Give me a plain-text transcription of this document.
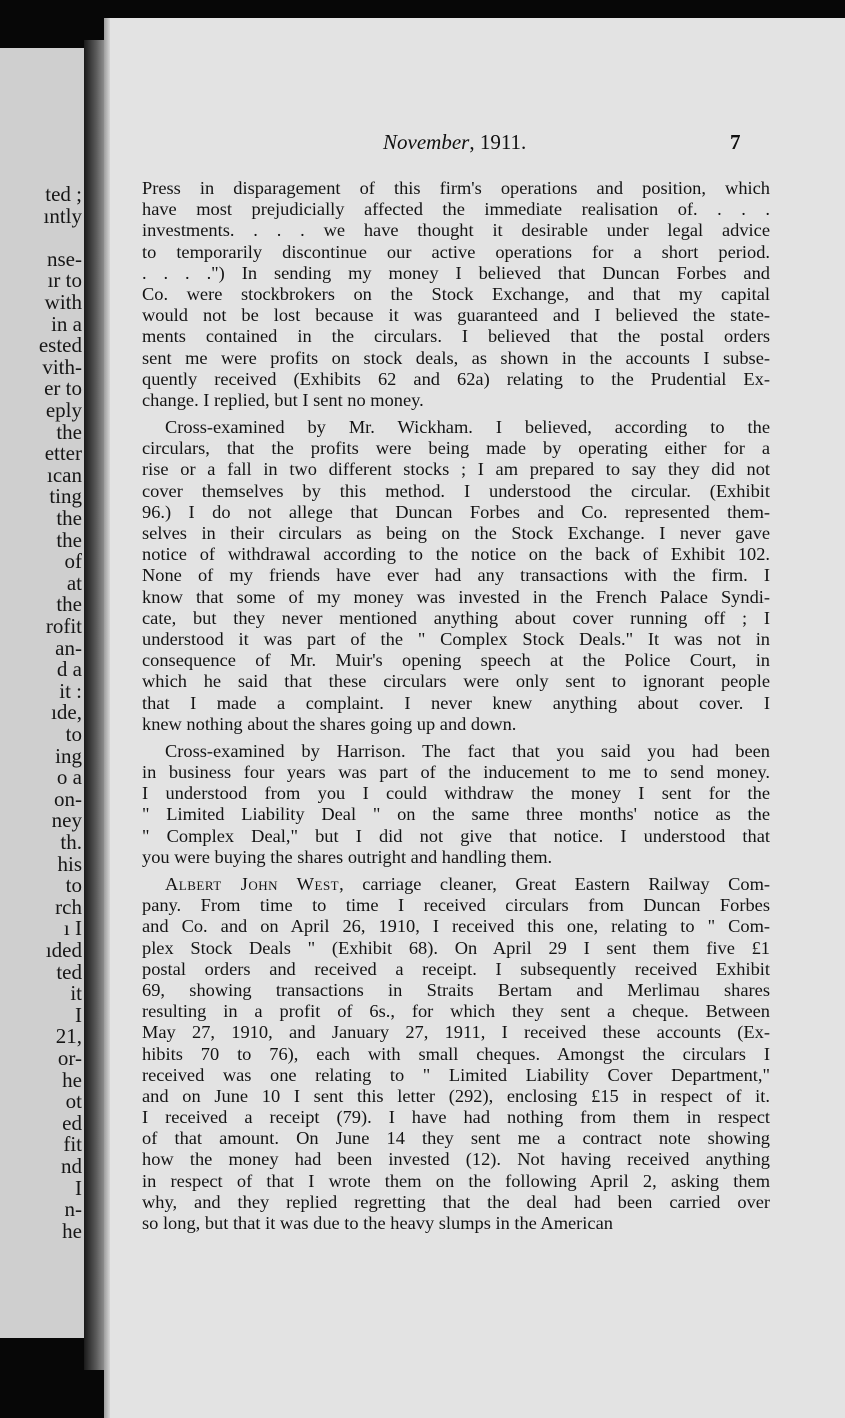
ted ;
ıntly
nse-
ır to
with
in a
ested
vith-
er to
eply
the
etter
ıcan
ting
the
the
of
at
the
rofit
an-
d a
it :
ıde,
to
ing
o a
on-
ney
th.
his
to
rch
ı I
ıded
ted
it
I
21,
or-
he
ot
ed
fit
nd
I
n-
he
November, 1911.	7
Press in disparagement of this firm's operations and position, which
have most prejudicially affected the immediate realisation of. . . .
investments. . . . we have thought it desirable under legal advice
to temporarily discontinue our active operations for a short period.
. . . .") In sending my money I believed that Duncan Forbes and
Co. were stockbrokers on the Stock Exchange, and that my capital
would not be lost because it was guaranteed and I believed the state-
ments contained in the circulars. I believed that the postal orders
sent me were profits on stock deals, as shown in the accounts I subse-
quently received (Exhibits 62 and 62a) relating to the Prudential Ex-
change. I replied, but I sent no money.
Cross-examined by Mr. Wickham. I believed, according to the
circulars, that the profits were being made by operating either for a
rise or a fall in two different stocks ; I am prepared to say they did not
cover themselves by this method. I understood the circular. (Exhibit
96.) I do not allege that Duncan Forbes and Co. represented them-
selves in their circulars as being on the Stock Exchange. I never gave
notice of withdrawal according to the notice on the back of Exhibit 102.
None of my friends have ever had any transactions with the firm. I
know that some of my money was invested in the French Palace Syndi-
cate, but they never mentioned anything about cover running off ; I
understood it was part of the " Complex Stock Deals." It was not in
consequence of Mr. Muir's opening speech at the Police Court, in
which he said that these circulars were only sent to ignorant people
that I made a complaint. I never knew anything about cover. I
knew nothing about the shares going up and down.
Cross-examined by Harrison. The fact that you said you had been
in business four years was part of the inducement to me to send money.
I understood from you I could withdraw the money I sent for the
" Limited Liability Deal " on the same three months' notice as the
" Complex Deal," but I did not give that notice. I understood that
you were buying the shares outright and handling them.
Albert John West, carriage cleaner, Great Eastern Railway Com-
pany. From time to time I received circulars from Duncan Forbes
and Co. and on April 26, 1910, I received this one, relating to " Com-
plex Stock Deals " (Exhibit 68). On April 29 I sent them five £1
postal orders and received a receipt. I subsequently received Exhibit
69, showing transactions in Straits Bertam and Merlimau shares
resulting in a profit of 6s., for which they sent a cheque. Between
May 27, 1910, and January 27, 1911, I received these accounts (Ex-
hibits 70 to 76), each with small cheques. Amongst the circulars I
received was one relating to " Limited Liability Cover Department,"
and on June 10 I sent this letter (292), enclosing £15 in respect of it.
I received a receipt (79). I have had nothing from them in respect
of that amount. On June 14 they sent me a contract note showing
how the money had been invested (12). Not having received anything
in respect of that I wrote them on the following April 2, asking them
why, and they replied regretting that the deal had been carried over
so long, but that it was due to the heavy slumps in the American
